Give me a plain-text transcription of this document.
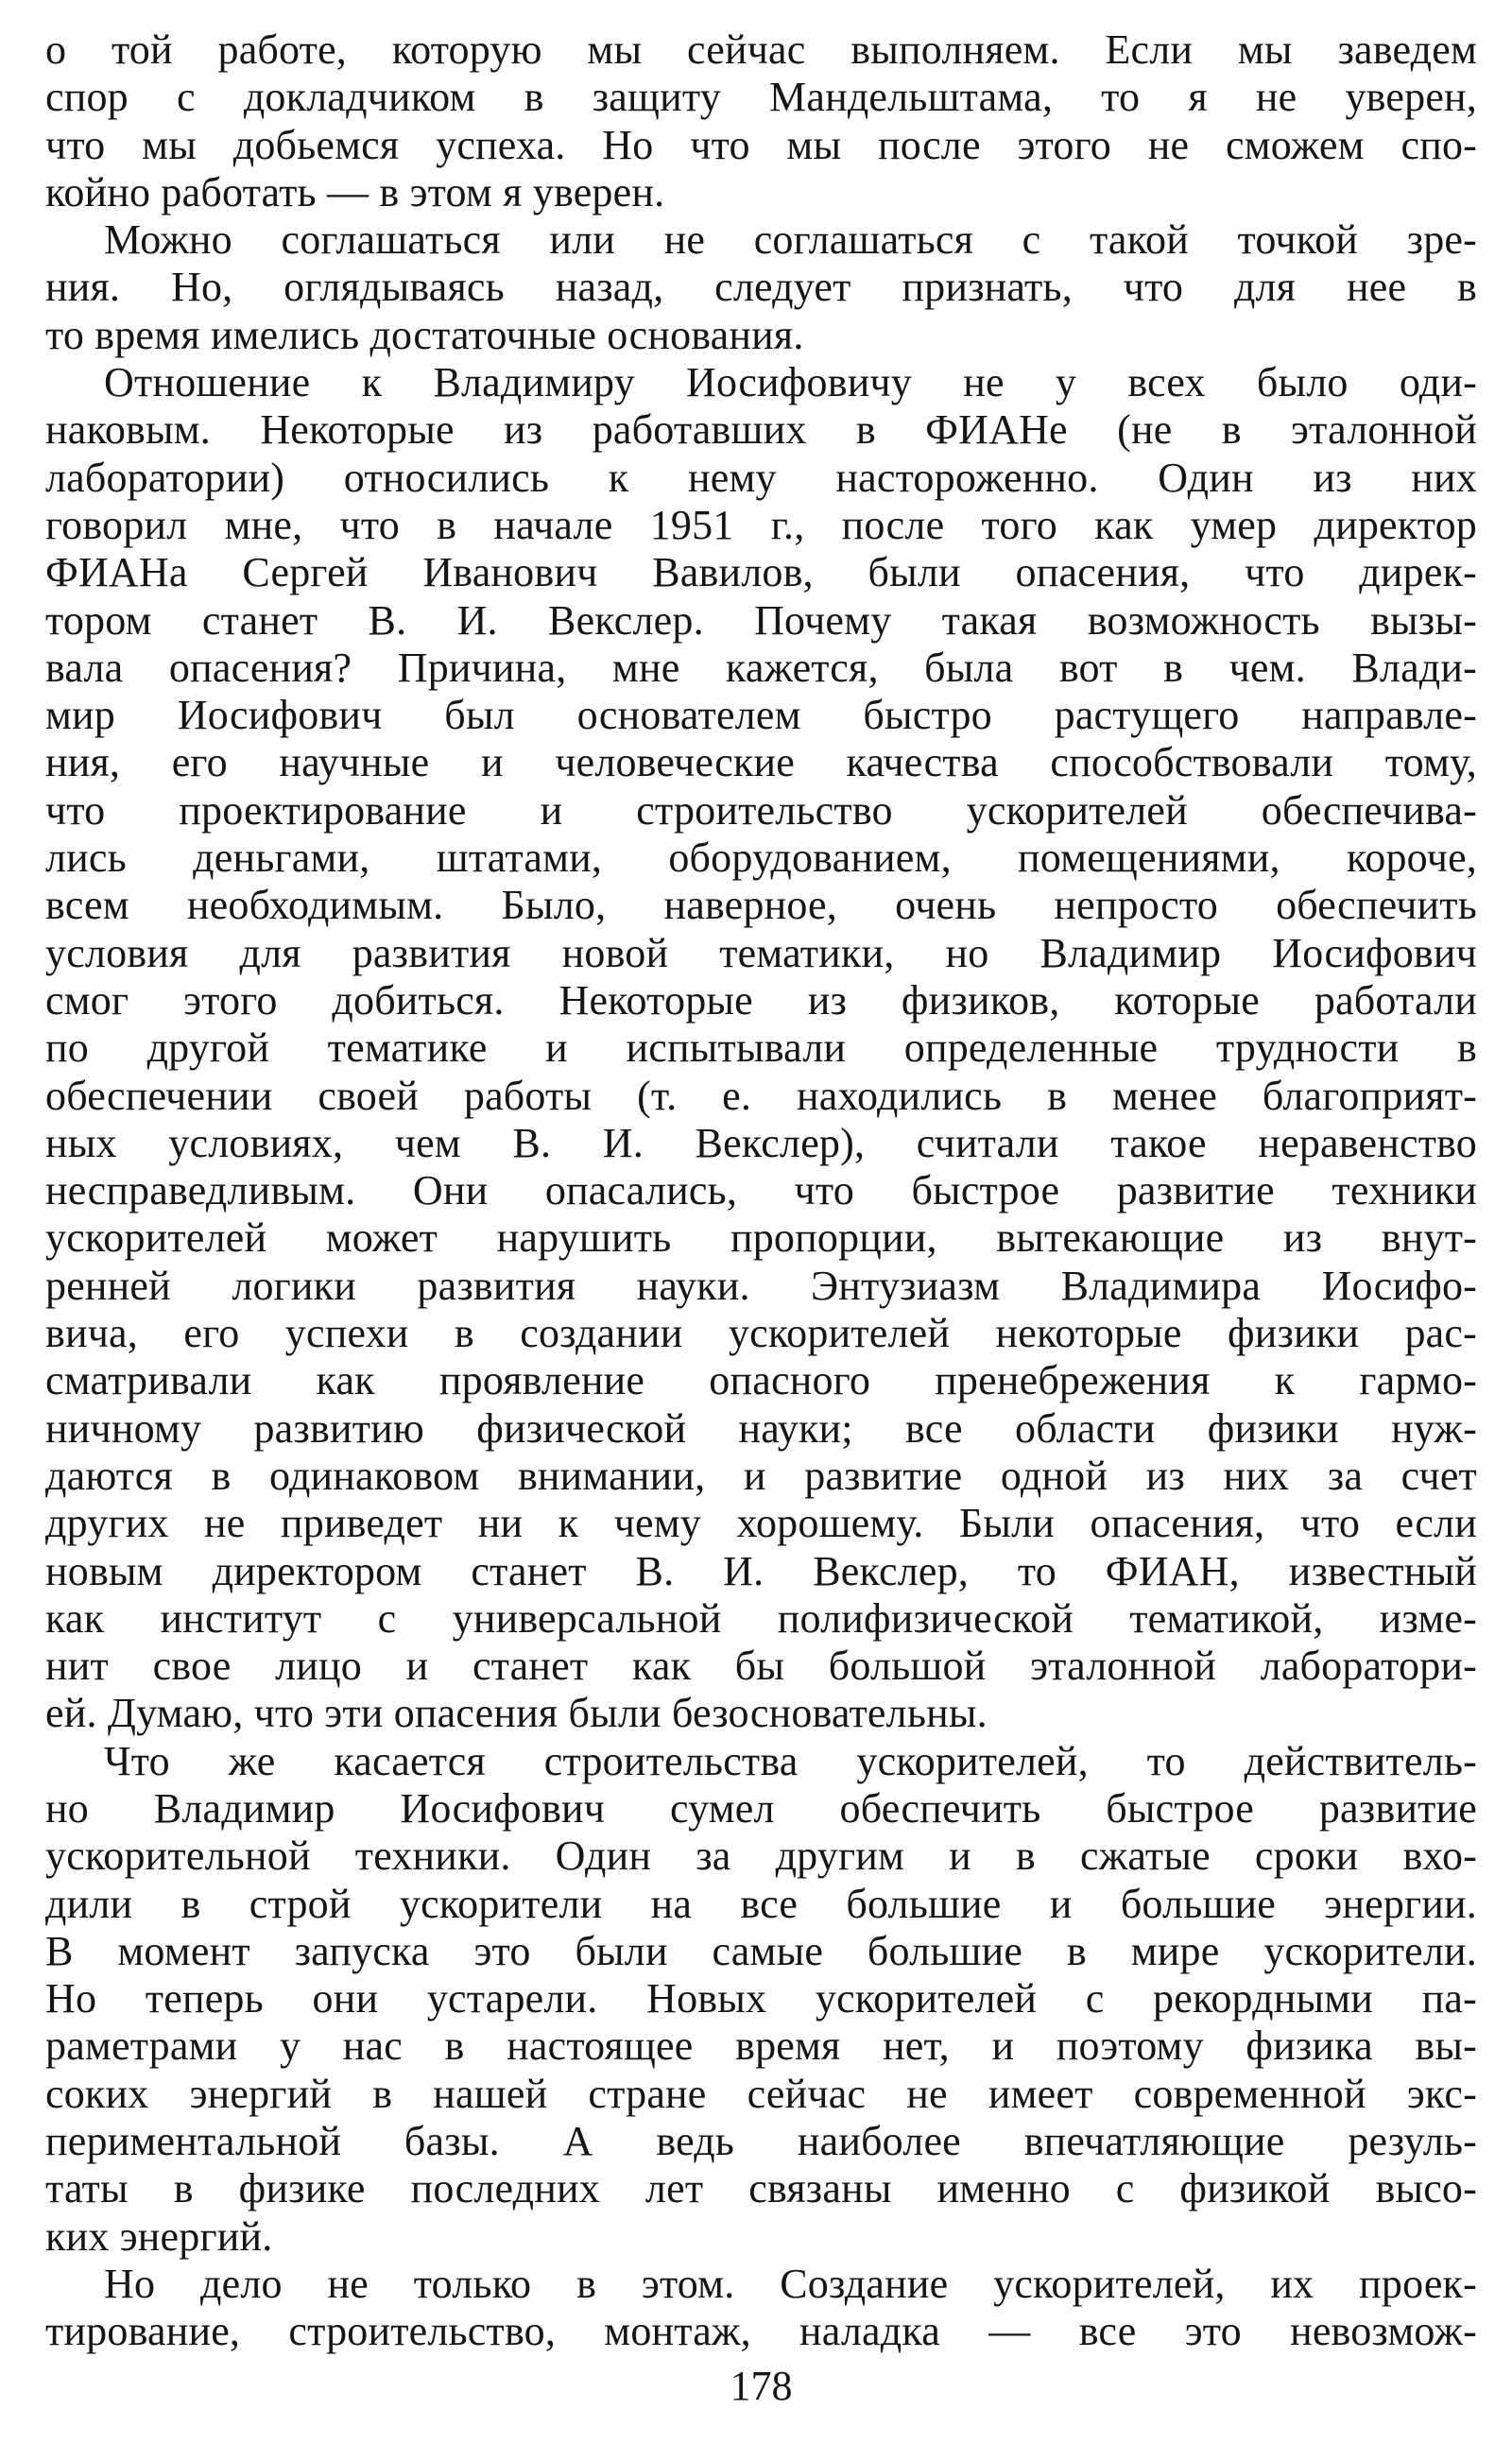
о той работе, которую мы сейчас выполняем. Если мы заведем
спор с докладчиком в защиту Мандельштама, то я не уверен,
что мы добьемся успеха. Но что мы после этого не сможем спо-
койно работать — в этом я уверен.
Можно соглашаться или не соглашаться с такой точкой зре-
ния. Но, оглядываясь назад, следует признать, что для нее в
то время имелись достаточные основания.
Отношение к Владимиру Иосифовичу не у всех было оди-
наковым. Некоторые из работавших в ФИАНе (не в эталонной
лаборатории) относились к нему настороженно. Один из них
говорил мне, что в начале 1951 г., после того как умер директор
ФИАНа Сергей Иванович Вавилов, были опасения, что дирек-
тором станет В. И. Векслер. Почему такая возможность вызы-
вала опасения? Причина, мне кажется, была вот в чем. Влади-
мир Иосифович был основателем быстро растущего направле-
ния, его научные и человеческие качества способствовали тому,
что проектирование и строительство ускорителей обеспечива-
лись деньгами, штатами, оборудованием, помещениями, короче,
всем необходимым. Было, наверное, очень непросто обеспечить
условия для развития новой тематики, но Владимир Иосифович
смог этого добиться. Некоторые из физиков, которые работали
по другой тематике и испытывали определенные трудности в
обеспечении своей работы (т. е. находились в менее благоприят-
ных условиях, чем В. И. Векслер), считали такое неравенство
несправедливым. Они опасались, что быстрое развитие техники
ускорителей может нарушить пропорции, вытекающие из внут-
ренней логики развития науки. Энтузиазм Владимира Иосифо-
вича, его успехи в создании ускорителей некоторые физики рас-
сматривали как проявление опасного пренебрежения к гармо-
ничному развитию физической науки; все области физики нуж-
даются в одинаковом внимании, и развитие одной из них за счет
других не приведет ни к чему хорошему. Были опасения, что если
новым директором станет В. И. Векслер, то ФИАН, известный
как институт с универсальной полифизической тематикой, изме-
нит свое лицо и станет как бы большой эталонной лаборатори-
ей. Думаю, что эти опасения были безосновательны.
Что же касается строительства ускорителей, то действитель-
но Владимир Иосифович сумел обеспечить быстрое развитие
ускорительной техники. Один за другим и в сжатые сроки вхо-
дили в строй ускорители на все большие и большие энергии.
В момент запуска это были самые большие в мире ускорители.
Но теперь они устарели. Новых ускорителей с рекордными па-
раметрами у нас в настоящее время нет, и поэтому физика вы-
соких энергий в нашей стране сейчас не имеет современной экс-
периментальной базы. А ведь наиболее впечатляющие резуль-
таты в физике последних лет связаны именно с физикой высо-
ких энергий.
Но дело не только в этом. Создание ускорителей, их проек-
тирование, строительство, монтаж, наладка — все это невозмож-
178
